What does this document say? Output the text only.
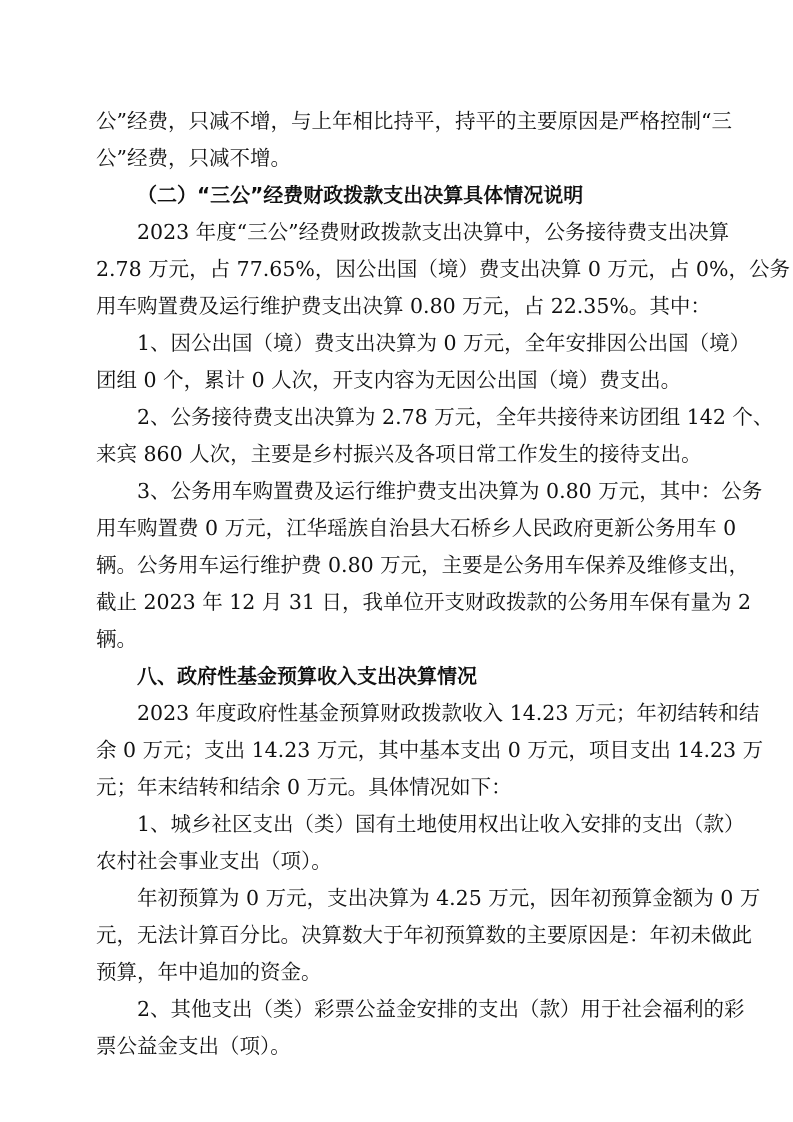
公”经费，只减不增，与上年相比持平，持平的主要原因是严格控制“三
公”经费，只减不增。
（二）“三公”经费财政拨款支出决算具体情况说明
2023 年度“三公”经费财政拨款支出决算中，公务接待费支出决算
2.78 万元，占 77.65%，因公出国（境）费支出决算 0 万元，占 0%，公务
用车购置费及运行维护费支出决算 0.80 万元，占 22.35%。其中：
1、因公出国（境）费支出决算为 0 万元，全年安排因公出国（境）
团组 0 个，累计 0 人次，开支内容为无因公出国（境）费支出。
2、公务接待费支出决算为 2.78 万元，全年共接待来访团组 142 个、
来宾 860 人次，主要是乡村振兴及各项日常工作发生的接待支出。
3、公务用车购置费及运行维护费支出决算为 0.80 万元，其中：公务
用车购置费 0 万元，江华瑶族自治县大石桥乡人民政府更新公务用车 0
辆。公务用车运行维护费 0.80 万元，主要是公务用车保养及维修支出，
截止 2023 年 12 月 31 日，我单位开支财政拨款的公务用车保有量为 2
辆。
八、政府性基金预算收入支出决算情况
2023 年度政府性基金预算财政拨款收入 14.23 万元；年初结转和结
余 0 万元；支出 14.23 万元，其中基本支出 0 万元，项目支出 14.23 万
元；年末结转和结余 0 万元。具体情况如下：
1、城乡社区支出（类）国有土地使用权出让收入安排的支出（款）
农村社会事业支出（项）。
年初预算为 0 万元，支出决算为 4.25 万元，因年初预算金额为 0 万
元，无法计算百分比。决算数大于年初预算数的主要原因是：年初未做此
预算，年中追加的资金。
2、其他支出（类）彩票公益金安排的支出（款）用于社会福利的彩
票公益金支出（项）。
